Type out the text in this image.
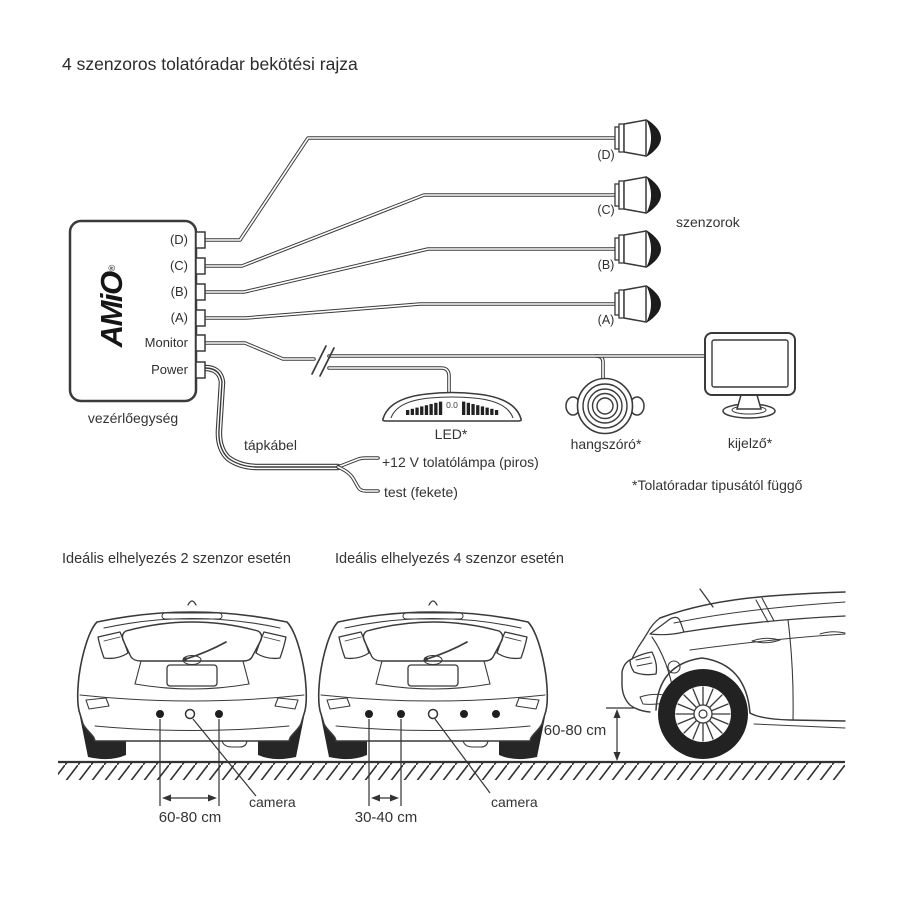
4 szenzoros tolatóradar bekötési rajza
AMiO
®
(D)
(C)
(B)
(A)
Monitor
Power
vezérlőegység
(D)
(C)
(B)
(A)
szenzorok
0.0
LED*
hangszóró*	kijelző*
tápkábel
+12 V tolatólámpa (piros)
test (fekete)	*Tolatóradar tipusától függő
Ideális elhelyezés 2 szenzor esetén	Ideális elhelyezés 4 szenzor esetén
60-80 cm
camera
30-40 cm
camera
60-80 cm
